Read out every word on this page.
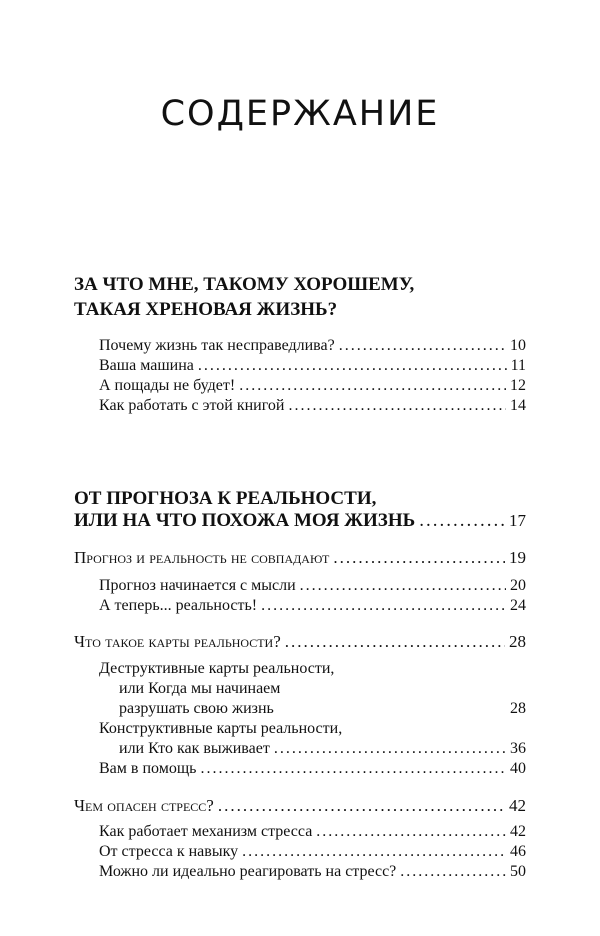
СОДЕРЖАНИЕ
ЗА ЧТО МНЕ, ТАКОМУ ХОРОШЕМУ,
ТАКАЯ ХРЕНОВАЯ ЖИЗНЬ?
Почему жизнь так несправедлива? .....	10
Ваша машина .....	11
А пощады не будет! .....	12
Как работать с этой книгой .....	14
ОТ ПРОГНОЗА К РЕАЛЬНОСТИ,
ИЛИ НА ЧТО ПОХОЖА МОЯ ЖИЗНЬ .....	17
Прогноз и реальность не совпадают .....	19
Прогноз начинается с мысли .....	20
А теперь... реальность! .....	24
Что такое карты реальности? .....	28
Деструктивные карты реальности,
или Когда мы начинаем
разрушать свою жизнь	28
Конструктивные карты реальности,
или Кто как выживает .....	36
Вам в помощь .....	40
Чем опасен стресс? .....	42
Как работает механизм стресса .....	42
От стресса к навыку .....	46
Можно ли идеально реагировать на стресс? .....	50
